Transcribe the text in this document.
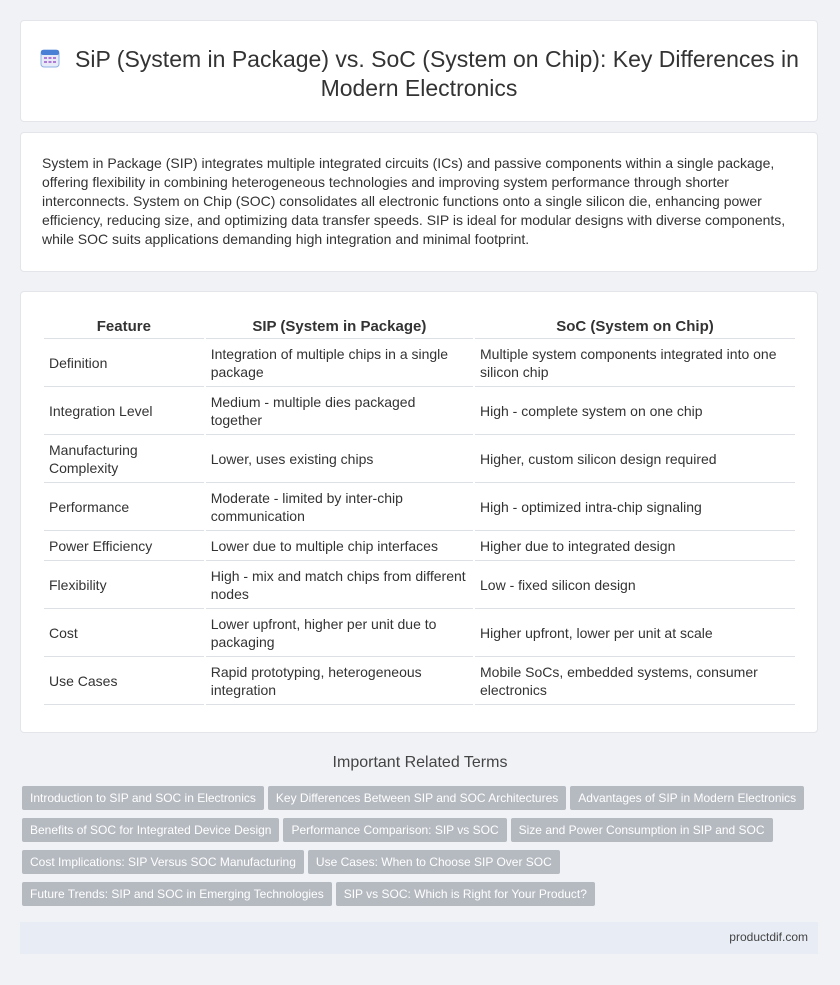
SiP (System in Package) vs. SoC (System on Chip): Key Differences in Modern Electronics

System in Package (SIP) integrates multiple integrated circuits (ICs) and passive components within a single package, offering flexibility in combining heterogeneous technologies and improving system performance through shorter interconnects. System on Chip (SOC) consolidates all electronic functions onto a single silicon die, enhancing power efficiency, reducing size, and optimizing data transfer speeds. SIP is ideal for modular designs with diverse components, while SOC suits applications demanding high integration and minimal footprint.

Feature	SIP (System in Package)	SoC (System on Chip)
Definition	Integration of multiple chips in a single package	Multiple system components integrated into one silicon chip
Integration Level	Medium - multiple dies packaged together	High - complete system on one chip
Manufacturing Complexity	Lower, uses existing chips	Higher, custom silicon design required
Performance	Moderate - limited by inter-chip communication	High - optimized intra-chip signaling
Power Efficiency	Lower due to multiple chip interfaces	Higher due to integrated design
Flexibility	High - mix and match chips from different nodes	Low - fixed silicon design
Cost	Lower upfront, higher per unit due to packaging	Higher upfront, lower per unit at scale
Use Cases	Rapid prototyping, heterogeneous integration	Mobile SoCs, embedded systems, consumer electronics
Important Related Terms
Introduction to SIP and SOC in Electronics Key Differences Between SIP and SOC Architectures Advantages of SIP in Modern Electronics
Benefits of SOC for Integrated Device Design Performance Comparison: SIP vs SOC Size and Power Consumption in SIP and SOC
Cost Implications: SIP Versus SOC Manufacturing Use Cases: When to Choose SIP Over SOC
Future Trends: SIP and SOC in Emerging Technologies SIP vs SOC: Which is Right for Your Product?
productdif.com
